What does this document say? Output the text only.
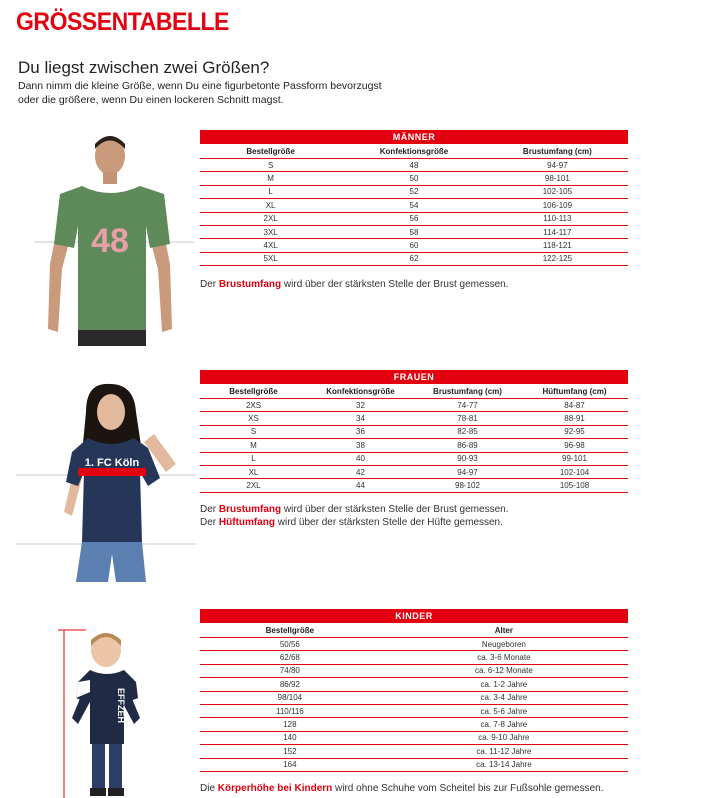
GRÖSSENTABELLE
Du liegst zwischen zwei Größen?
Dann nimm die kleine Größe, wenn Du eine figurbetonte Passform bevorzugst
oder die größere, wenn Du einen lockeren Schnitt magst.
48
MÄNNER		
Bestellgröße	Konfektionsgröße	Brustumfang (cm)
S	48	94-97
M	50	98-101
L	52	102-105
XL	54	106-109
2XL	56	110-113
3XL	58	114-117
4XL	60	118-121
5XL	62	122-125
Der Brustumfang wird über der stärksten Stelle der Brust gemessen.
1. FC Köln
FRAUEN			
Bestellgröße	Konfektionsgröße	Brustumfang (cm)	Hüftumfang (cm)
2XS	32	74-77	84-87
XS	34	78-81	88-91
S	36	82-85	92-95
M	38	86-89	96-98
L	40	90-93	99-101
XL	42	94-97	102-104
2XL	44	98-102	105-108
Der Brustumfang wird über der stärksten Stelle der Brust gemessen.
Der Hüftumfang wird über der stärksten Stelle der Hüfte gemessen.
EFFZEH
KINDER	
Bestellgröße	Alter
50/56	Neugeboren
62/68	ca. 3-6 Monate
74/80	ca. 6-12 Monate
86/92	ca. 1-2 Jahre
98/104	ca. 3-4 Jahre
110/116	ca. 5-6 Jahre
128	ca. 7-8 Jahre
140	ca. 9-10 Jahre
152	ca. 11-12 Jahre
164	ca. 13-14 Jahre
Die Körperhöhe bei Kindern wird ohne Schuhe vom Scheitel bis zur Fußsohle gemessen.
